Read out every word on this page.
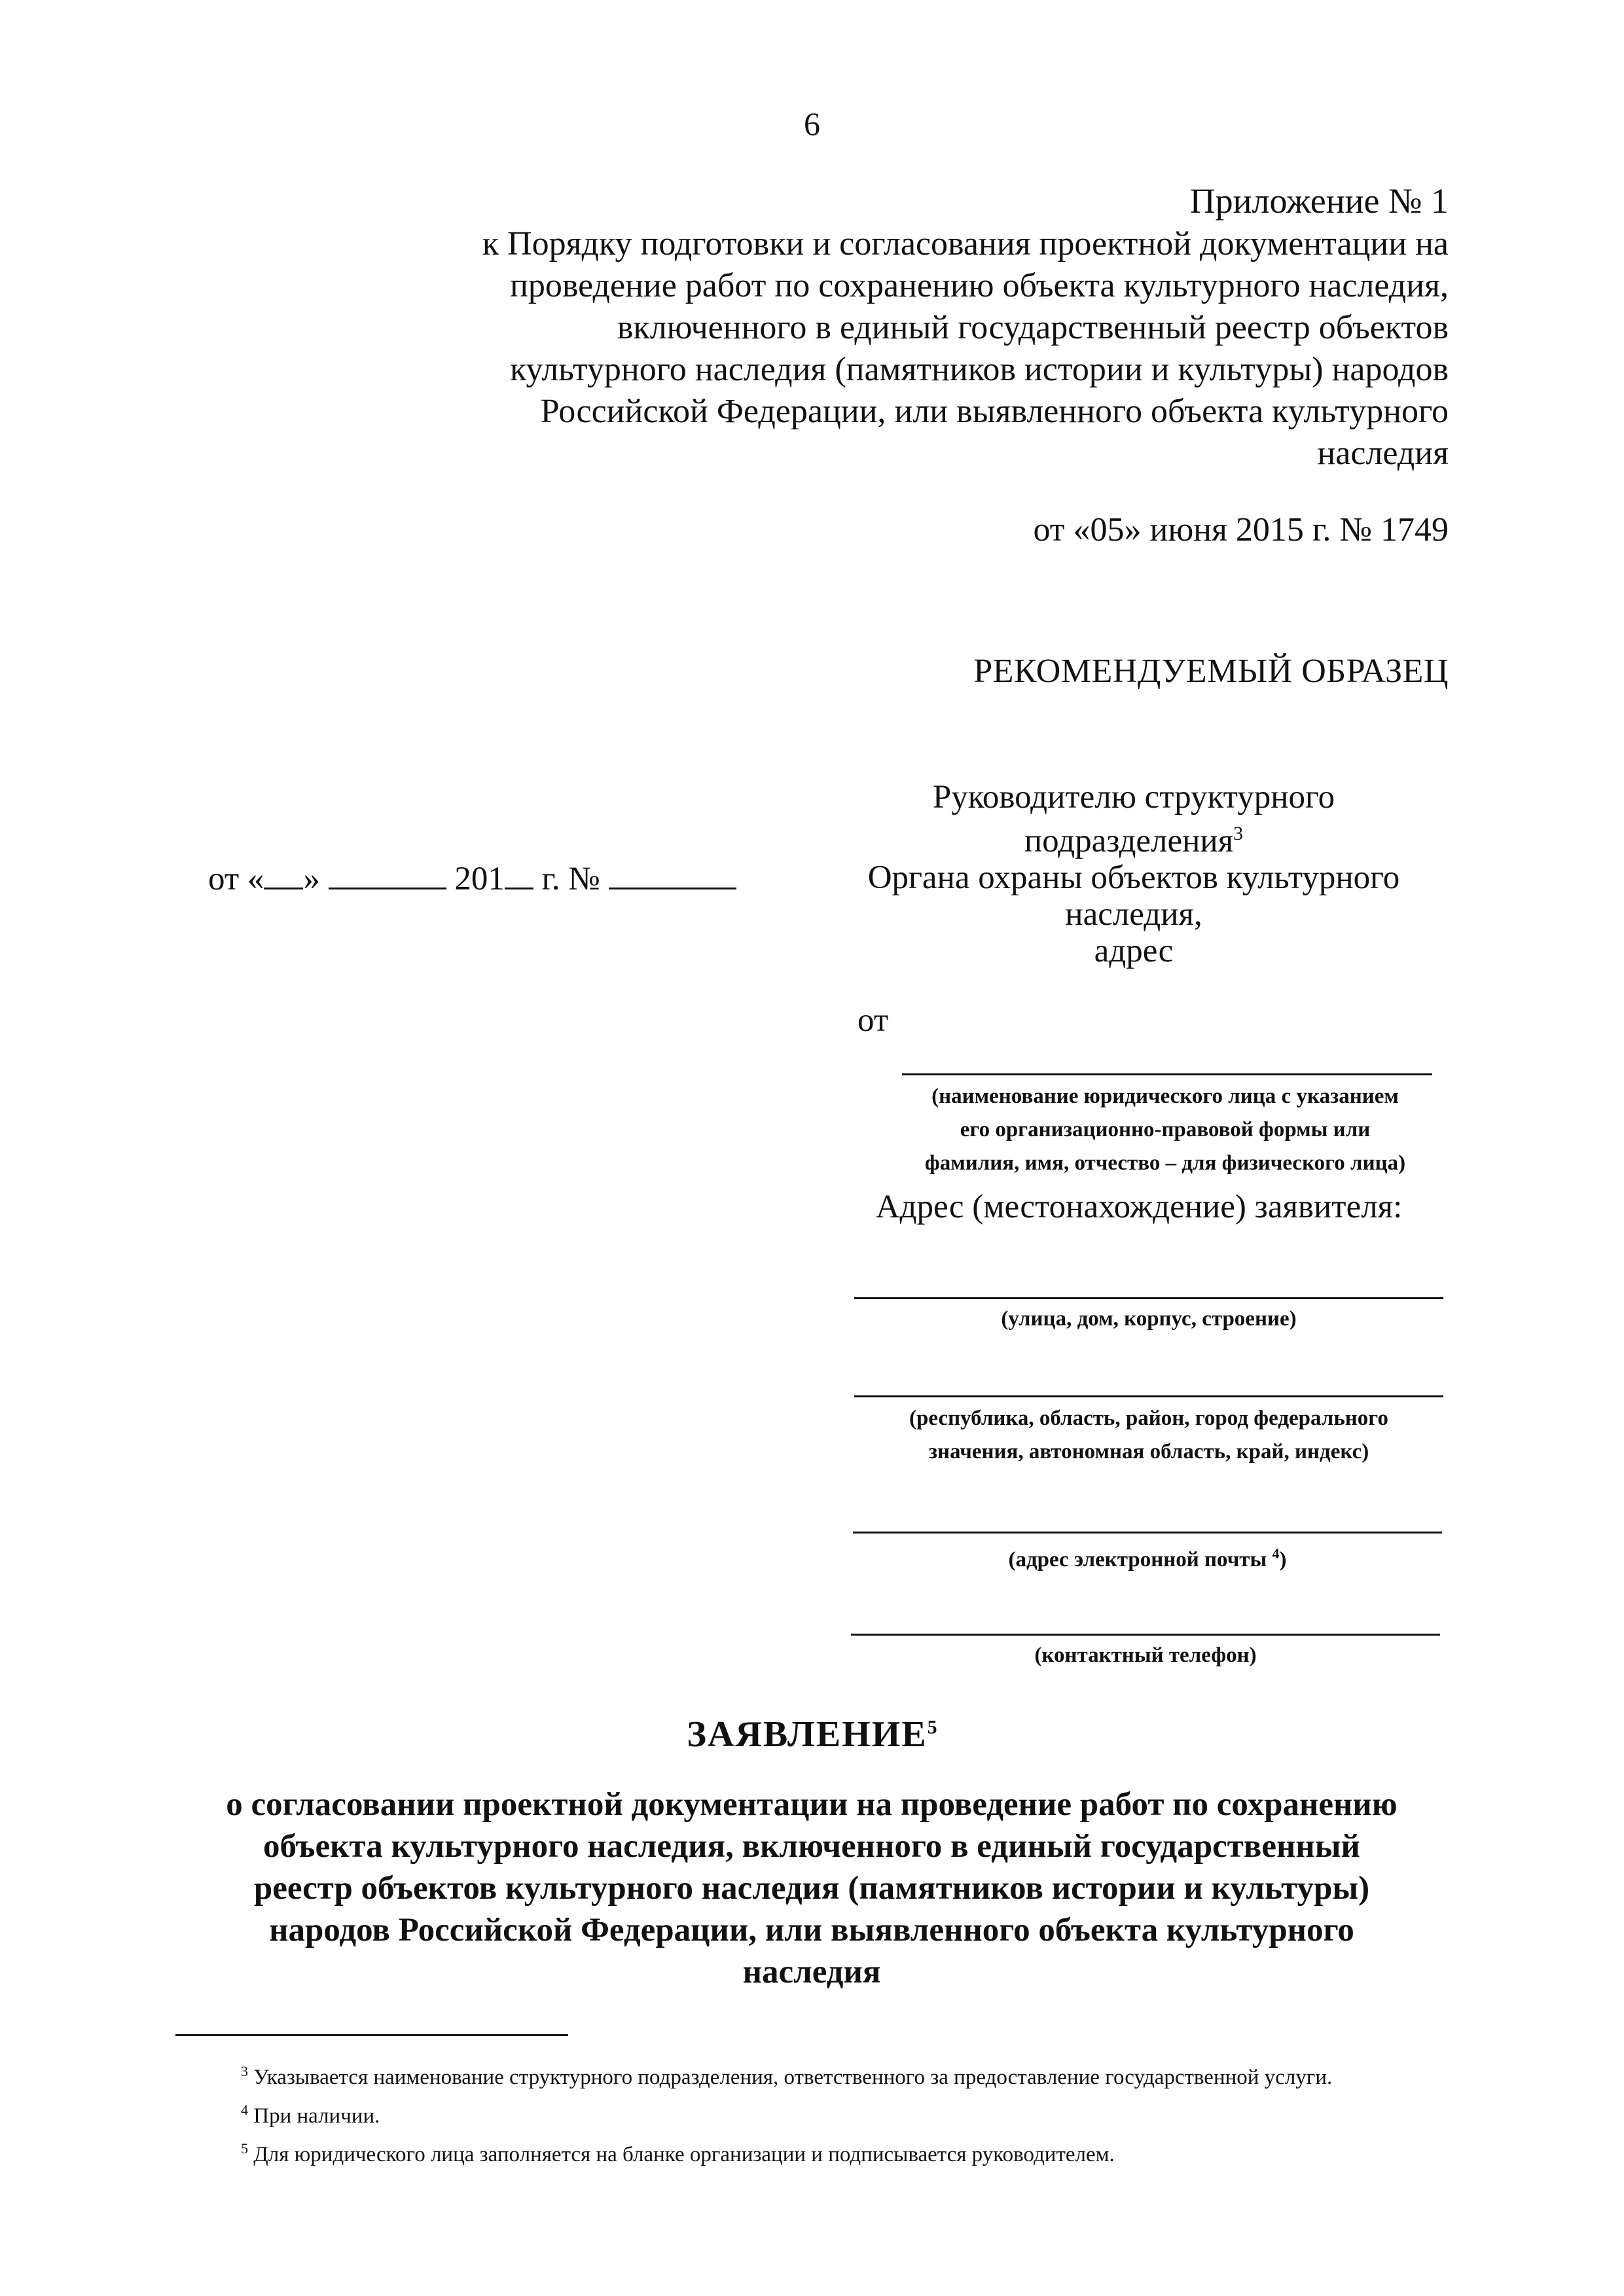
6
Приложение № 1
к Порядку подготовки и согласования проектной документации на
проведение работ по сохранению объекта культурного наследия,
включенного в единый государственный реестр объектов
культурного наследия (памятников истории и культуры) народов
Российской Федерации, или выявленного объекта культурного
наследия
от «05» июня 2015 г. № 1749
РЕКОМЕНДУЕМЫЙ ОБРАЗЕЦ
Руководителю структурного
подразделения$^3$
Органа охраны объектов культурного
наследия,
адрес
от « »	201 г. №
от
(наименование юридического лица с указанием
его организационно-правовой формы или
фамилия, имя, отчество – для физического лица)
Адрес (местонахождение) заявителя:
(улица, дом, корпус, строение)
(республика, область, район, город федерального
значения, автономная область, край, индекс)
(адрес электронной почты $^4$)
(контактный телефон)
ЗАЯВЛЕНИЕ$^5$
о согласовании проектной документации на проведение работ по сохранению
объекта культурного наследия, включенного в единый государственный
реестр объектов культурного наследия (памятников истории и культуры)
народов Российской Федерации, или выявленного объекта культурного
наследия

$^3$ Указывается наименование структурного подразделения, ответственного за предоставление государственной услуги.

$^4$ При наличии.

$^5$ Для юридического лица заполняется на бланке организации и подписывается руководителем.
